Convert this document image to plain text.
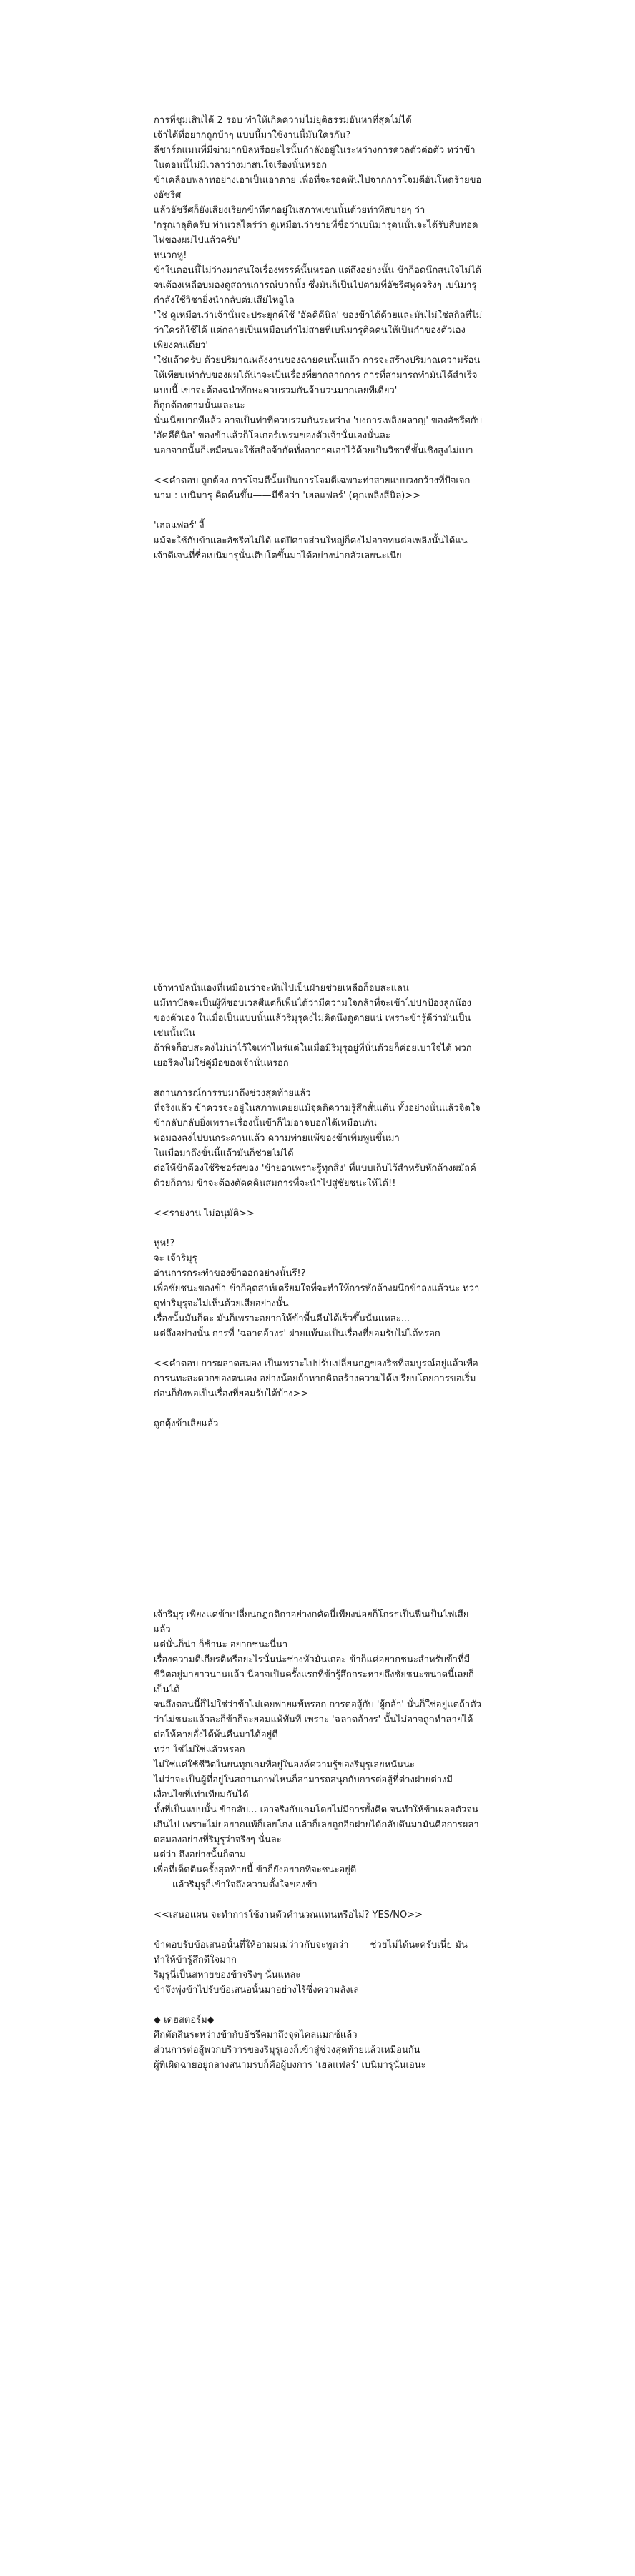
การที่ชุมเสินได้ 2 รอบ ทำให้เกิดความไม่ยุติธรรมอันหาที่สุดไม่ได้

เจ้าได้ที่อยากถูกบ้าๆ แบบนี้มาใช้งานนี้มันใครกัน?

ลีชาร์ดแมนที่มีฆ่ามากบิลหรือยะไรนั้นกำลังอยู่ในระหว่างการควลตัวต่อตัว ทว่าข้าในตอนนี้ไม่มีเวลาว่างมาสนใจเรื่องนั้นหรอก

ข้าเคลือบพลาทอย่างเอาเป็นเอาตาย เพื่อที่จะรอดพ้นไปจากการโจมตีอันโหดร้ายของอัชรีศ

แล้วอัชรีศก็ยังเสียงเรียกข้าทีตกอยู่ในสภาพเช่นนั้นด้วยท่าทีสบายๆ ว่า

'กรุณาลุติครับ ท่านวลไตร่ว่า ดูเหมือนว่าชายที่ชื่อว่าเบนิมารุคนนั้นจะได้รับสืบทอดไฟของผมไปแล้วครับ'

หนวกหู!

ข้าในตอนนี้ไม่ว่างมาสนใจเรื่องพรรค์นั้นหรอก แต่ถึงอย่างนั้น ข้าก็อดนึกสนใจไม่ได้จนต้องเหลือบมองดูสถานการณ์บวกนั้ง ซึ่งมันก็เป็นไปตามที่อัชรีศพูดจริงๆ เบนิมารุกำลังใช้วิชายิ่งนำกลับต่มเสียไหอูไล

'ใช่ ดูเหมือนว่าเจ้านั่นจะประยุกต์ใช้ 'อัคคีดีนิล' ของข้าได้ด้วยและมันไม่ใช่สกิลที่ไม่ว่าใครก็ใช้ได้ แต่กลายเป็นเหมือนกำไม่สายที่เบนิมารุติดคนให้เป็นกำของตัวเองเพียงคนเดียว'

'ใช่แล้วครับ ด้วยปริมาณพลังงานของฉายคนนั้นแล้ว การจะสร้างปริมาณความร้อนให้เทียบเท่ากับของผมได้น่าจะเป็นเรื่องที่ยากลากการ การที่สามารถทำมันได้สำเร็จแบบนี้ เขาจะต้องฉนำทักษะควบรวมกันจ้านวนมากเลยทีเดียว'

ก็ถูกต้องตามนั้นและนะ

นั่นเนียบากทีแล้ว อาจเป็นท่าที่ควบรวมกันระหว่าง 'บงการเพลิงผลาญ' ของอัชรีศกับ 'อัคคีดีนิล' ของข้าแล้วก็โอเกอร์เฟรมของตัวเจ้านั่นเองนั่นละ

นอกจากนั้นก็เหมือนจะใช้สกิลจ้ากัดทั่งอากาศเอาไว้ด้วยเป็นวิชาที่ขั้นเชิงสูงไม่เบา

<<คำตอบ ถูกต้อง การโจมตีนั้นเป็นการโจมตีเฉพาะท่าสายแบบวงกว้างที่ปัจเจกนาม : เบนิมารุ คิดค้นขึ้น——มีชื่อว่า 'เฮลแฟลร์' (คุกเพลิงสีนิล)>>

'เฮลแฟลร์' งี้

แม้จะใช้กับข้าและอัชรีศไม่ได้ แต่ปีศาจส่วนใหญ่ก็คงไม่อาจทนต่อเพลิงนั้นได้แน่ เจ้าดีเจนที่ชื่อเบนิมารุนั่นเติบโตขึ้นมาได้อย่างน่ากลัวเลยนะเนีย

เจ้าทาบัลนั่นเองที่เหมือนว่าจะหันไปเป็นฝ่ายช่วยเหลือก็อบสะแลน

แม้ทาบัลจะเป็นผู้ที่ชอบเวลศีแต่ก็เพ็นได้ว่ามีความใจกล้าที่จะเข้าไปปกป้องลูกน้องของตัวเอง ในเมื่อเป็นแบบนั้นแล้วริมุรุคงไม่คิดนึงดูดายแน่ เพราะข้ารู้ดีว่ามันเป็นเช่นนั้นนัน

ถ้าพิจก็อบสะคงไม่น่าไว้ใจเท่าไหร่แต่ในเมื่อมีริมุรุอยู่ที่นั่นด้วยก็ค่อยเบาใจได้ พวกเยอรีคงไม่ใช่คู่มือของเจ้านั่นหรอก

สถานการณ์การรบมาถึงช่วงสุดท้ายแล้ว

ที่จริงแล้ว ข้าควรจะอยู่ในสภาพเคยยแม้จุดดิความรู้สึกสั้นเต้น ทั้งอย่างนั้นแล้วจิตใจข้ากลับกลับยิ่งเพราะเรื่องนั้นข้าก็ไม่อาจบอกได้เหมือนกัน

พอมองลงไปบนกระดานแล้ว ความพ่ายแพ้ของข้าเพิ่มพูนขึ้นมา

ในเมื่อมาถึงขั้นนี้แล้วมันก็ช่วยไม่ได้

ต่อให้ข้าต้องใช้ริชอร์สของ 'ข้ายอาเพราะรู้ทุกสิ่ง' ที่แบบเก็บไว้สำหรับหักล้างผมัลค์ด้วยก็ตาม ข้าจะต้องตัดคคินสมการที่จะนำไปสู่ชัยชนะให้ได้!!

<<รายงาน ไม่อนุมัติ>>

หูห!?

จะ เจ้าริมุรุ

อ่านการกระทำของข้าออกอย่างนั้นรึ!?

เพื่อชัยชนะของข้า ข้าก็อุตสาห์เตรียมใจที่จะทำให้การหักล้างผนึกข้าลงแล้วนะ ทว่า ดูท่าริมุรุจะไม่เห็นด้วยเสียอย่างนั้น

เรื่องนั้นมันก็ดะ มันก็เพราะอยากให้ข้าพื้นคืนได้เร็วขึ้นนั่นแหละ...

แต่ถึงอย่างนั้น การที่ 'ฉลาดอ้างร' ผ่ายแพ้นะเป็นเรื่องที่ยอมรับไม่ได้หรอก

<<คำตอบ การผลาดสมอง เป็นเพราะไปปรับเปลี่ยนกฎของริชที่สมบูรณ์อยู่แล้วเพื่อการนทะสะดวกของตนเอง อย่างน้อยถ้าหากคิดสร้างความได้เปรียบโดยการขอเริ่มก่อนก็ยังพอเป็นเรื่องที่ยอมรับได้บ้าง>>

ถูกตุ้งข้าเสียแล้ว

เจ้าริมุรุ เพียงแค่ข้าเปลี่ยนกฎกติกาอย่างกคัดนี่เพียงน่อยก็โกรธเป็นฟืนเป็นไฟเสียแล้ว

แต่นั่นก็น่า ก็ช้านะ อยากชนะนี่นา

เรื่องความดีเกียรติหรือยะไรนั่นน่ะช่างหัวมันเถอะ ข้าก็แค่อยากชนะสำหรับข้าที่มีชีวิตอยู่มายาวนานแล้ว นี่อาจเป็นครั้งแรกที่ข้ารู้สึกกระหายถึงชัยชนะขนาดนี้เลยก็เป็นได้

จนถึงตอนนี้ก็ไม่ใช่ว่าข้าไม่เคยพ่ายแพ้หรอก การต่อสู้กับ 'ผู้กล้า' นั่นก็ใช่อยู่แต่ถ้าตัวว่าไม่ชนะแล้วละก็ข้าก็จะยอมแพ้ทันที เพราะ 'ฉลาดอ้างร' นั้นไม่อาจถูกทำลายได้ ต่อให้คายอั่งได้พ้นคืนมาได้อยู่ดี

ทว่า ใช่ไม่ใช่แล้วหรอก

ไม่ใช่แค่ใช้ชีวิตในยนทุกเกมทื่อยู่ในองค์ความรู้ของริมุรุเลยหนันนะ

ไม่ว่าจะเป็นผู้ที่อยู่ในสถานภาพไหนก็สามารถสนุกกับการต่อสู้ที่ต่างฝ่ายต่างมีเงื่อนไขที่เท่าเทียมกันได้

ทั้งที่เป็นแบบนั้น ข้ากลับ... เอาจริงกับเกมโดยไม่มีการยั้งคิด จนทำให้ข้าเผลอตัวจนเกินไป เพราะไม่ยอยากแพ้ก็เลยโกง แล้วก็เลยถูกอีกฝ่ายได้กลับดึนมามันคือการผลาดสมองอย่างที่ริมุรุว่าจริงๆ นั่นละ

แต่ว่า ถึงอย่างนั้นก็ตาม

เพื่อที่เด็ดตีนครั้งสุดท้ายนี้ ข้าก็ยังอยากที่จะชนะอยู่ดี

——แล้วริมุรุก็เข้าใจถึงความตั้งใจของข้า

<<เสนอแผน จะทำการใช้งานตัวคำนวณแทนหรือไม่? YES/NO>>

ข้าตอบรับข้อเสนอนั้นที่ให้อามมเม่ว่าวกับจะพูดว่า—— ช่วยไม่ได้นะครับเนี่ย มันทำให้ข้ารู้สึกดีใจมาก

ริมุรุนี่เป็นสหายของข้าจริงๆ นั่นแหละ

ข้าจึงพุ่งข้าไปรับข้อเสนอนั้นมาอย่างไร้ซึ่งความลังเล

◆ เดฮสตอร์ม◆

ศึกตัดสินระหว่างข้ากับอัชรีคมาถึงจุดไคลแมกซ์แล้ว

ส่วนการต่อสู้พวกบริวารของริมุรุเองก็เข้าสู่ช่วงสุดท้ายแล้วเหมือนกัน

ผู้ที่เผิดฉายอยู่กลางสนามรบก็คือผู้บงการ 'เฮลแฟลร์' เบนิมารุนั่นเอนะ
